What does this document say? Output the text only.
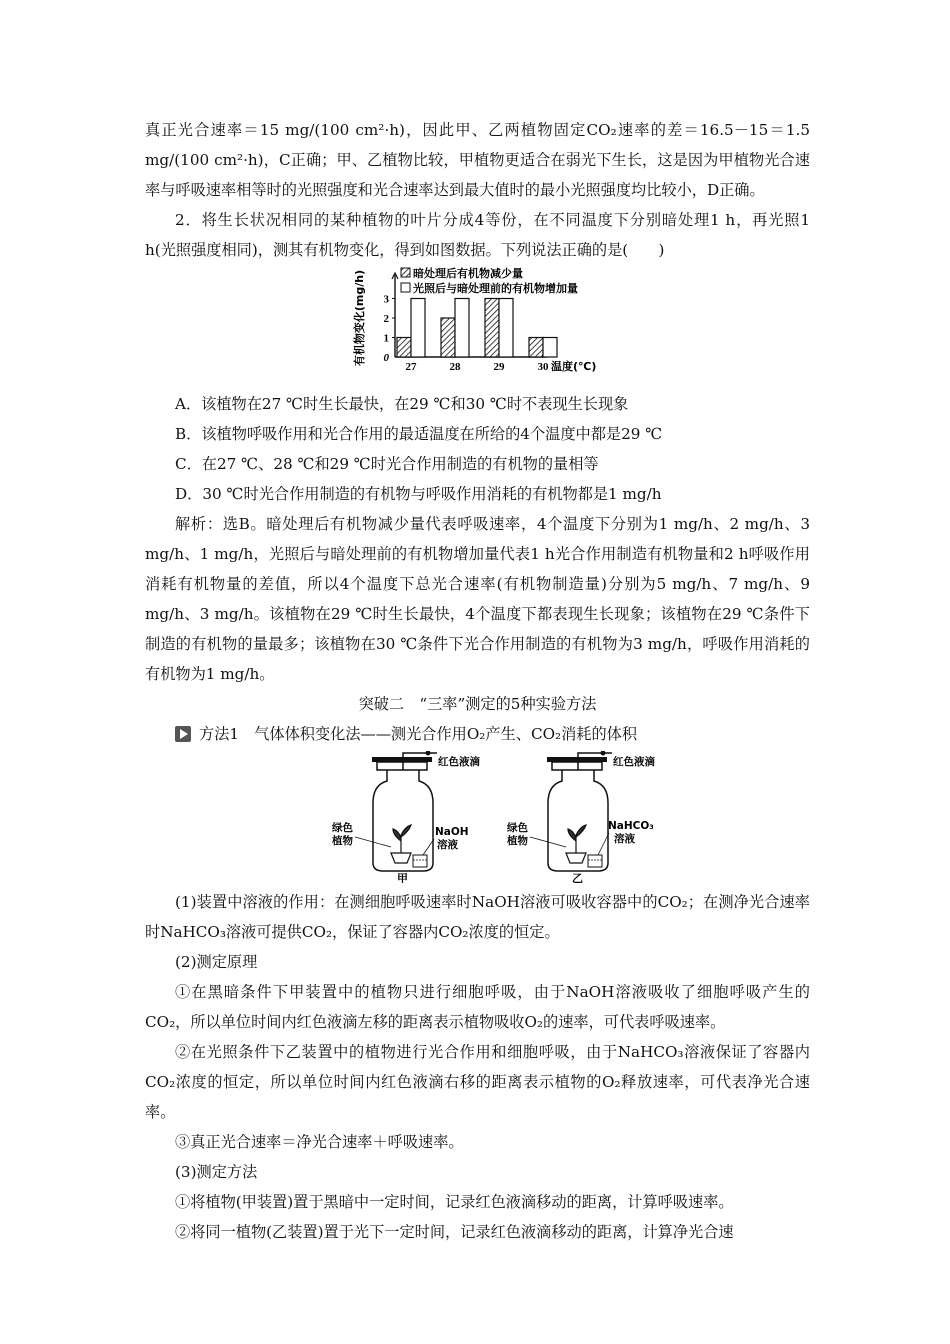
真正光合速率＝15 mg/(100 cm²·h)，因此甲、乙两植物固定CO₂速率的差＝16.5－15＝1.5 mg/(100 cm²·h)，C正确；甲、乙植物比较，甲植物更适合在弱光下生长，这是因为甲植物光合速率与呼吸速率相等时的光照强度和光合速率达到最大值时的最小光照强度均比较小，D正确。

2．将生长状况相同的某种植物的叶片分成4等份，在不同温度下分别暗处理1 h，再光照1 h(光照强度相同)，测其有机物变化，得到如图数据。下列说法正确的是(　　)

0
1
2
3
有机物变化(mg/h)
27	28	29	30 温度(℃)
暗处理后有机物减少量
光照后与暗处理前的有机物增加量

A．该植物在27 ℃时生长最快，在29 ℃和30 ℃时不表现生长现象

B．该植物呼吸作用和光合作用的最适温度在所给的4个温度中都是29 ℃

C．在27 ℃、28 ℃和29 ℃时光合作用制造的有机物的量相等

D．30 ℃时光合作用制造的有机物与呼吸作用消耗的有机物都是1 mg/h

解析：选B。暗处理后有机物减少量代表呼吸速率，4个温度下分别为1 mg/h、2 mg/h、3 mg/h、1 mg/h，光照后与暗处理前的有机物增加量代表1 h光合作用制造有机物量和2 h呼吸作用消耗有机物量的差值，所以4个温度下总光合速率(有机物制造量)分别为5 mg/h、7 mg/h、9 mg/h、3 mg/h。该植物在29 ℃时生长最快，4个温度下都表现生长现象；该植物在29 ℃条件下制造的有机物的量最多；该植物在30 ℃条件下光合作用制造的有机物为3 mg/h，呼吸作用消耗的有机物为1 mg/h。

突破二　“三率”测定的5种实验方法

方法1　气体体积变化法——测光合作用O₂产生、CO₂消耗的体积
红色液滴
绿色
植物
NaOH
溶液
甲
红色液滴
绿色
植物
NaHCO₃
溶液
乙

(1)装置中溶液的作用：在测细胞呼吸速率时NaOH溶液可吸收容器中的CO₂；在测净光合速率时NaHCO₃溶液可提供CO₂，保证了容器内CO₂浓度的恒定。

(2)测定原理

①在黑暗条件下甲装置中的植物只进行细胞呼吸，由于NaOH溶液吸收了细胞呼吸产生的CO₂，所以单位时间内红色液滴左移的距离表示植物吸收O₂的速率，可代表呼吸速率。

②在光照条件下乙装置中的植物进行光合作用和细胞呼吸，由于NaHCO₃溶液保证了容器内CO₂浓度的恒定，所以单位时间内红色液滴右移的距离表示植物的O₂释放速率，可代表净光合速率。

③真正光合速率＝净光合速率＋呼吸速率。

(3)测定方法

①将植物(甲装置)置于黑暗中一定时间，记录红色液滴移动的距离，计算呼吸速率。

②将同一植物(乙装置)置于光下一定时间，记录红色液滴移动的距离，计算净光合速
